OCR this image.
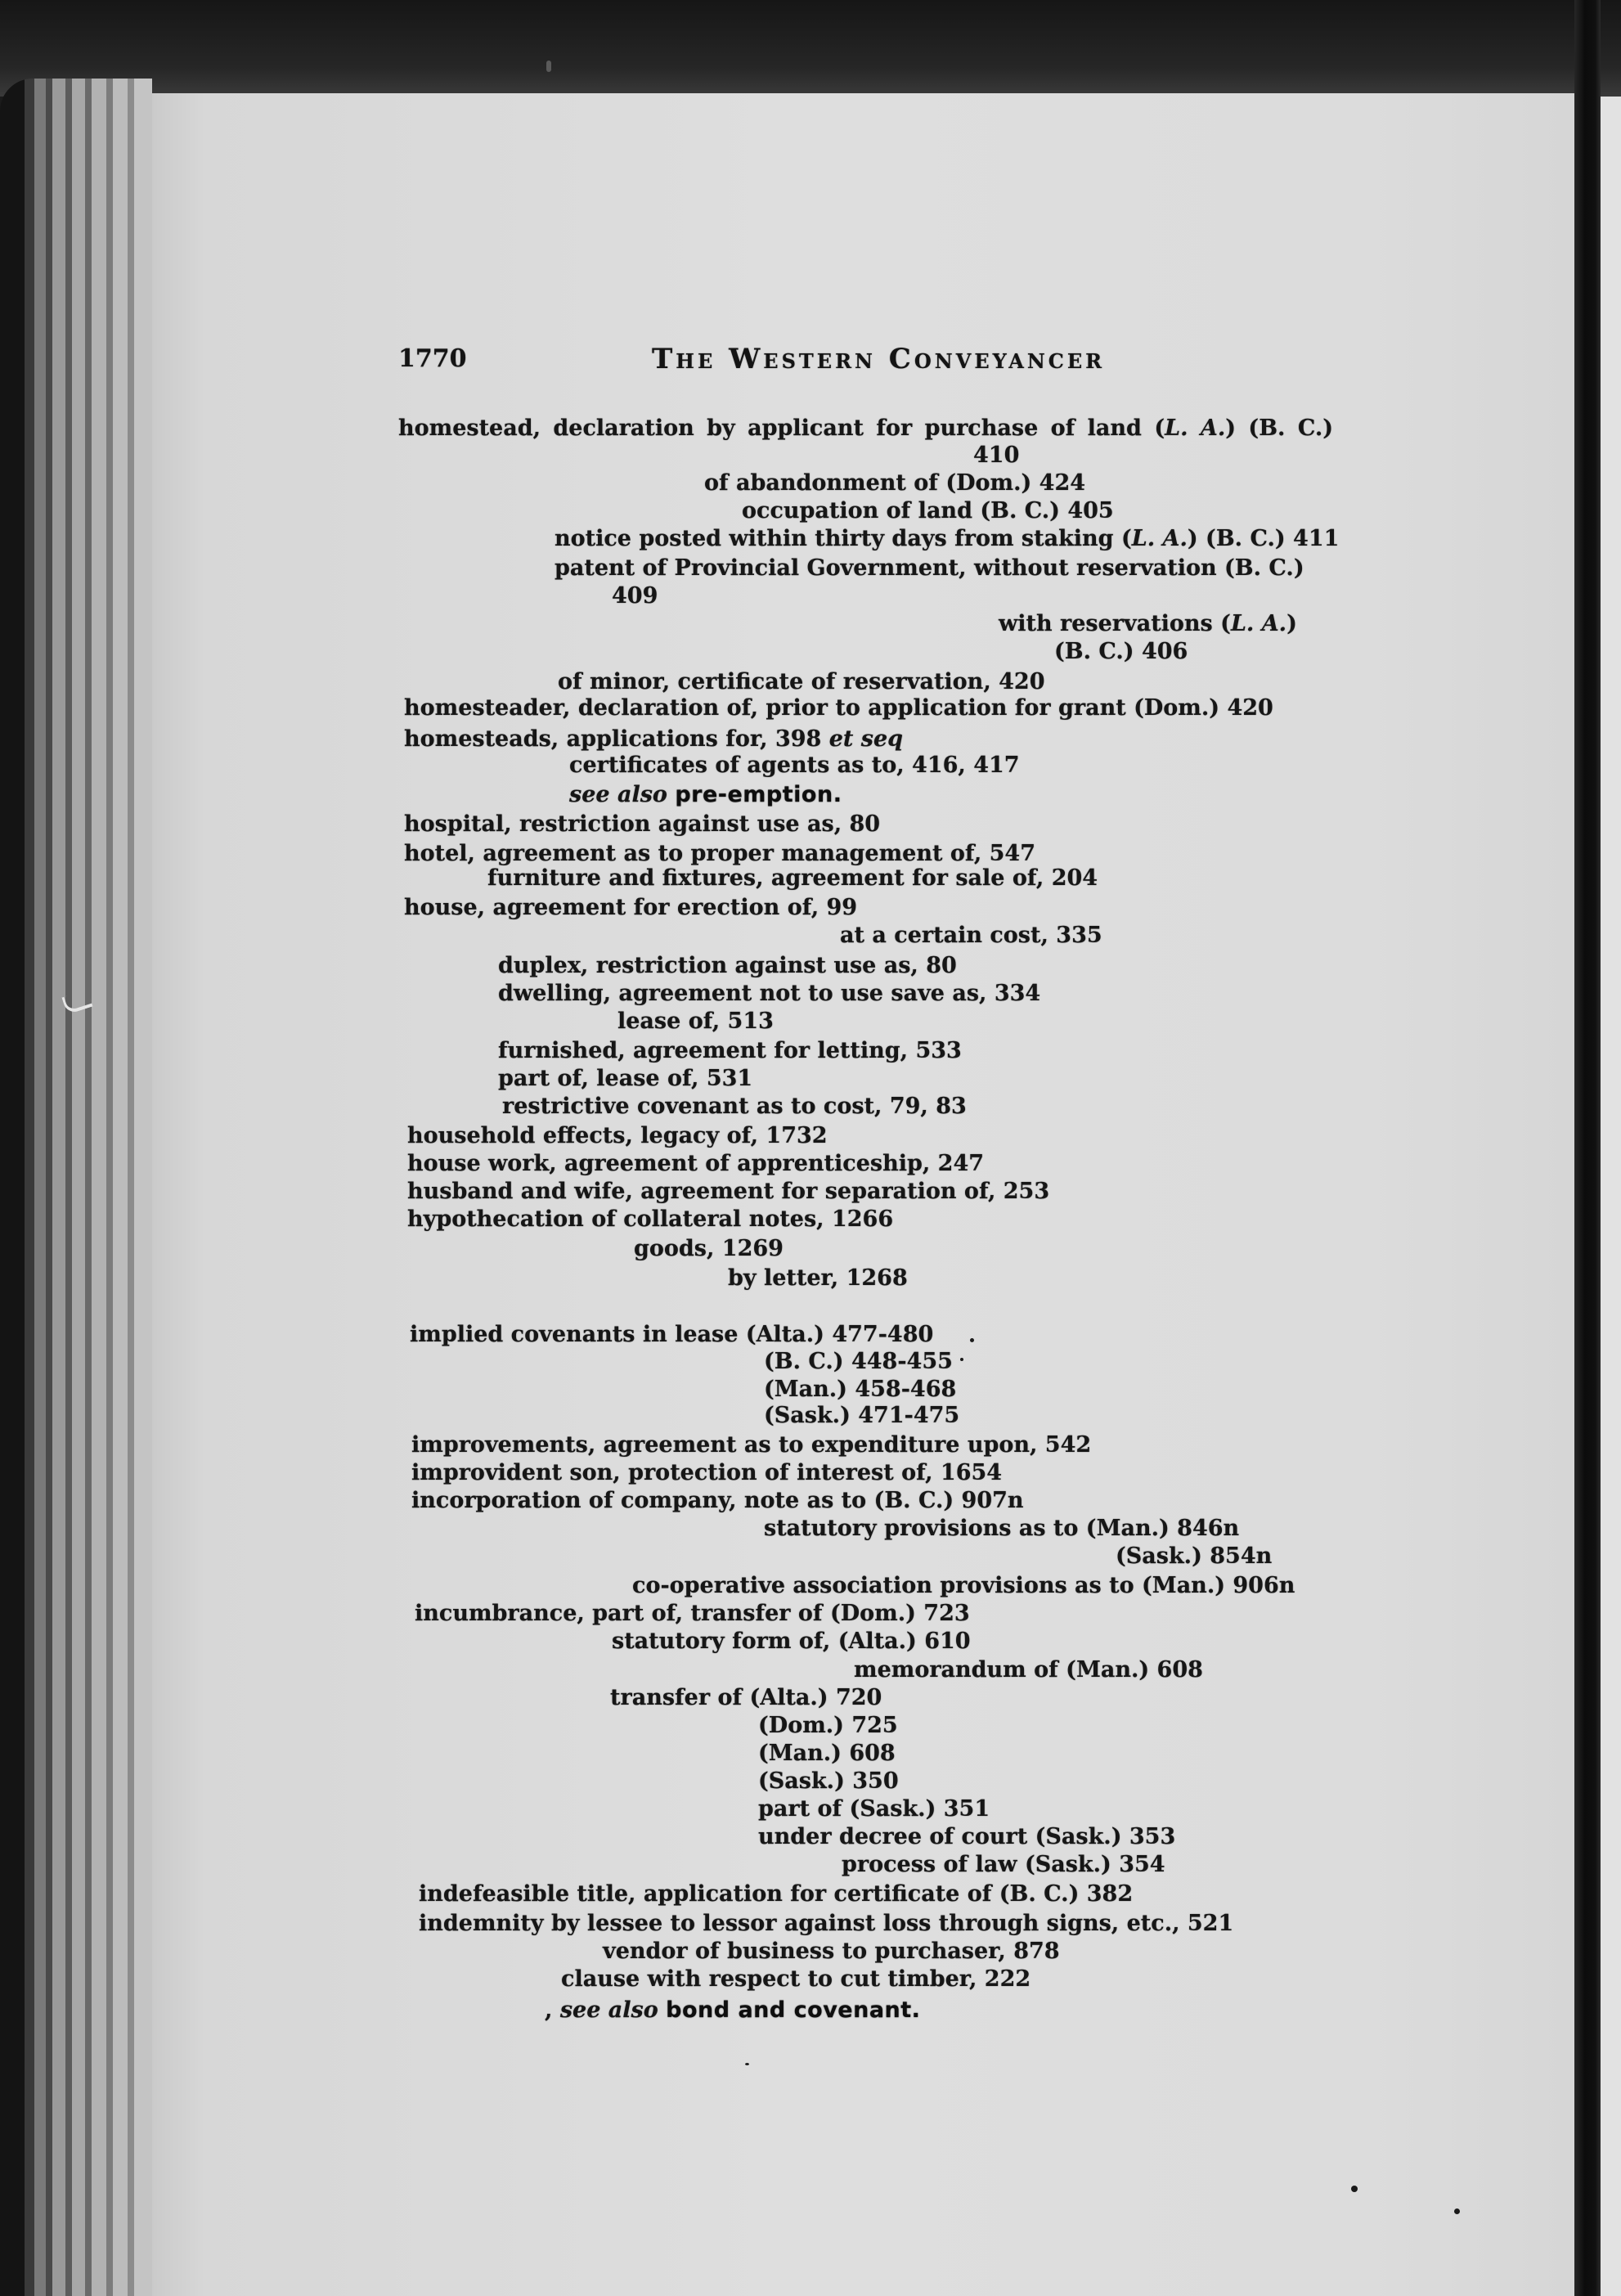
1770	The Western Conveyancer
homestead, declaration by applicant for purchase of land (L. A.) (B. C.)
410
of abandonment of (Dom.) 424
occupation of land (B. C.) 405
notice posted within thirty days from staking (L. A.) (B. C.) 411
patent of Provincial Government, without reservation (B. C.)
409
with reservations (L. A.)
(B. C.) 406
of minor, certificate of reservation, 420
homesteader, declaration of, prior to application for grant (Dom.) 420
homesteads, applications for, 398 et seq
certificates of agents as to, 416, 417
see also pre-emption.
hospital, restriction against use as, 80
hotel, agreement as to proper management of, 547
furniture and fixtures, agreement for sale of, 204
house, agreement for erection of, 99
at a certain cost, 335
duplex, restriction against use as, 80
dwelling, agreement not to use save as, 334
lease of, 513
furnished, agreement for letting, 533
part of, lease of, 531
restrictive covenant as to cost, 79, 83
household effects, legacy of, 1732
house work, agreement of apprenticeship, 247
husband and wife, agreement for separation of, 253
hypothecation of collateral notes, 1266
goods, 1269
by letter, 1268
implied covenants in lease (Alta.) 477-480
(B. C.) 448-455
(Man.) 458-468
(Sask.) 471-475
improvements, agreement as to expenditure upon, 542
improvident son, protection of interest of, 1654
incorporation of company, note as to (B. C.) 907n
statutory provisions as to (Man.) 846n
(Sask.) 854n
co-operative association provisions as to (Man.) 906n
incumbrance, part of, transfer of (Dom.) 723
statutory form of, (Alta.) 610
memorandum of (Man.) 608
transfer of (Alta.) 720
(Dom.) 725
(Man.) 608
(Sask.) 350
part of (Sask.) 351
under decree of court (Sask.) 353
process of law (Sask.) 354
indefeasible title, application for certificate of (B. C.) 382
indemnity by lessee to lessor against loss through signs, etc., 521
vendor of business to purchaser, 878
clause with respect to cut timber, 222
, see also bond and covenant.
